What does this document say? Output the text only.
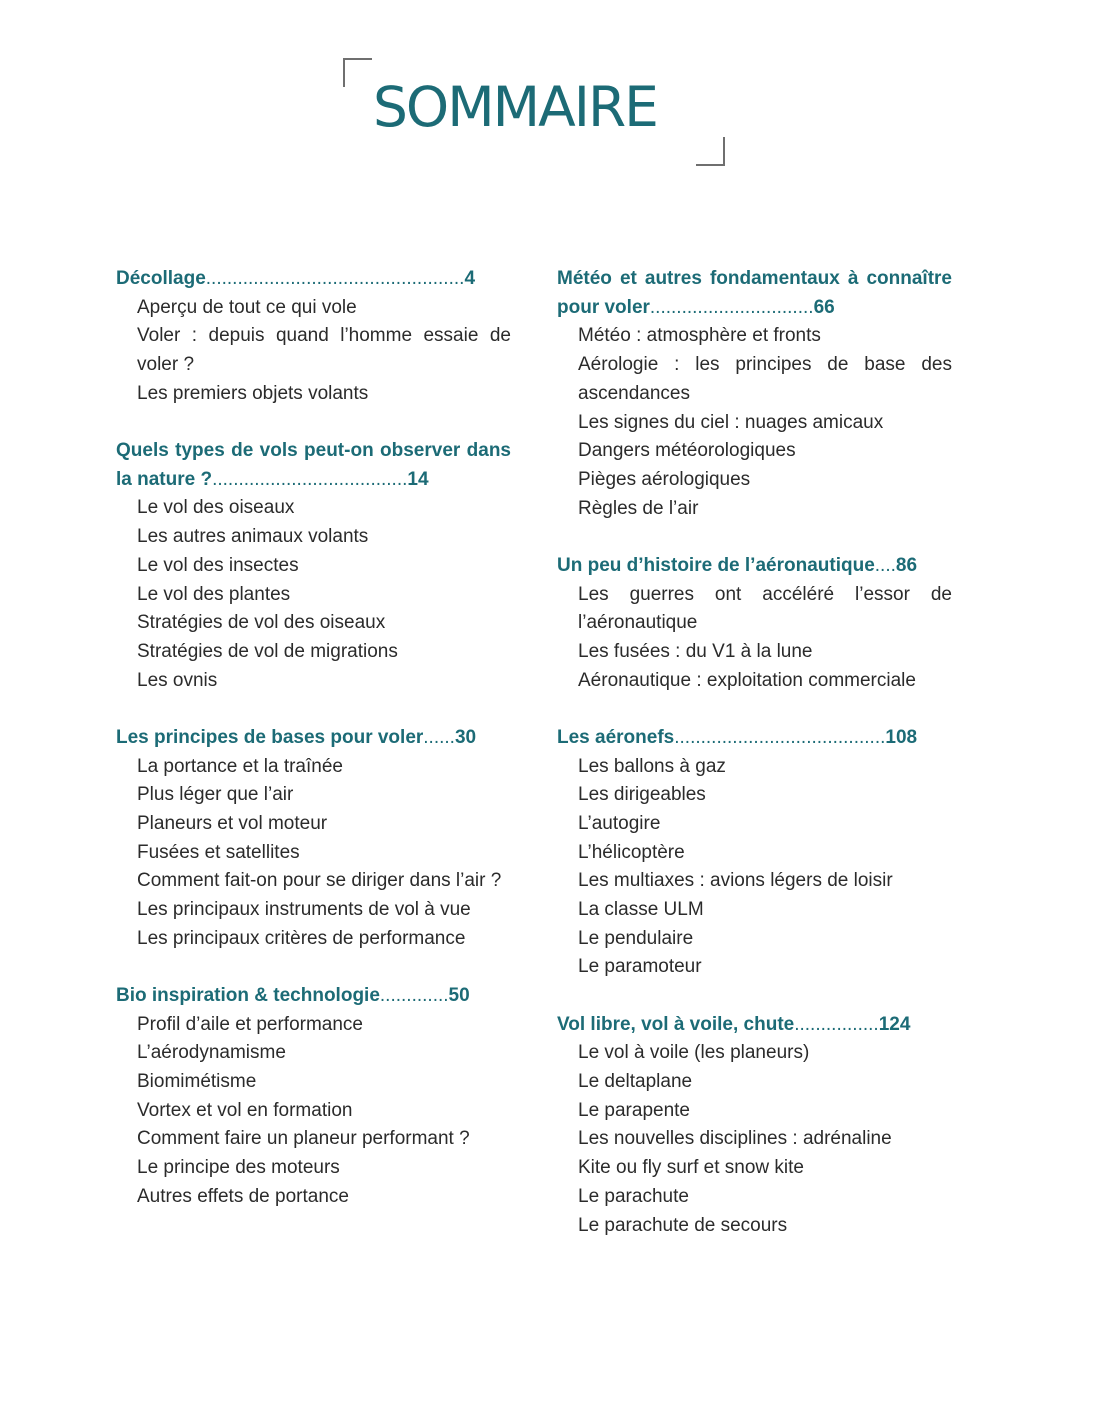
SOMMAIRE

Décollage.................................................4

Aperçu de tout ce qui vole
Voler : depuis quand l’homme essaie de voler ?
Les premiers objets volants

Quels types de vols peut-on observer dans la nature ?.....................................14

Le vol des oiseaux
Les autres animaux volants
Le vol des insectes
Le vol des plantes
Stratégies de vol des oiseaux
Stratégies de vol de migrations
Les ovnis

Les principes de bases pour voler......30

La portance et la traînée
Plus léger que l’air
Planeurs et vol moteur
Fusées et satellites
Comment fait-on pour se diriger dans l’air ?
Les principaux instruments de vol à vue
Les principaux critères de performance

Bio inspiration & technologie.............50

Profil d’aile et performance
L’aérodynamisme
Biomimétisme
Vortex et vol en formation
Comment faire un planeur performant ?
Le principe des moteurs
Autres effets de portance

Météo et autres fondamentaux à connaître pour voler...............................66

Météo : atmosphère et fronts
Aérologie : les principes de base des ascendances
Les signes du ciel : nuages amicaux
Dangers météorologiques
Pièges aérologiques
Règles de l’air

Un peu d’histoire de l’aéronautique....86

Les guerres ont accéléré l’essor de l’aéronautique
Les fusées : du V1 à la lune
Aéronautique : exploitation commerciale

Les aéronefs........................................108

Les ballons à gaz
Les dirigeables
L’autogire
L’hélicoptère
Les multiaxes : avions légers de loisir
La classe ULM
Le pendulaire
Le paramoteur

Vol libre, vol à voile, chute................124

Le vol à voile (les planeurs)
Le deltaplane
Le parapente
Les nouvelles disciplines : adrénaline
Kite ou fly surf et snow kite
Le parachute
Le parachute de secours
